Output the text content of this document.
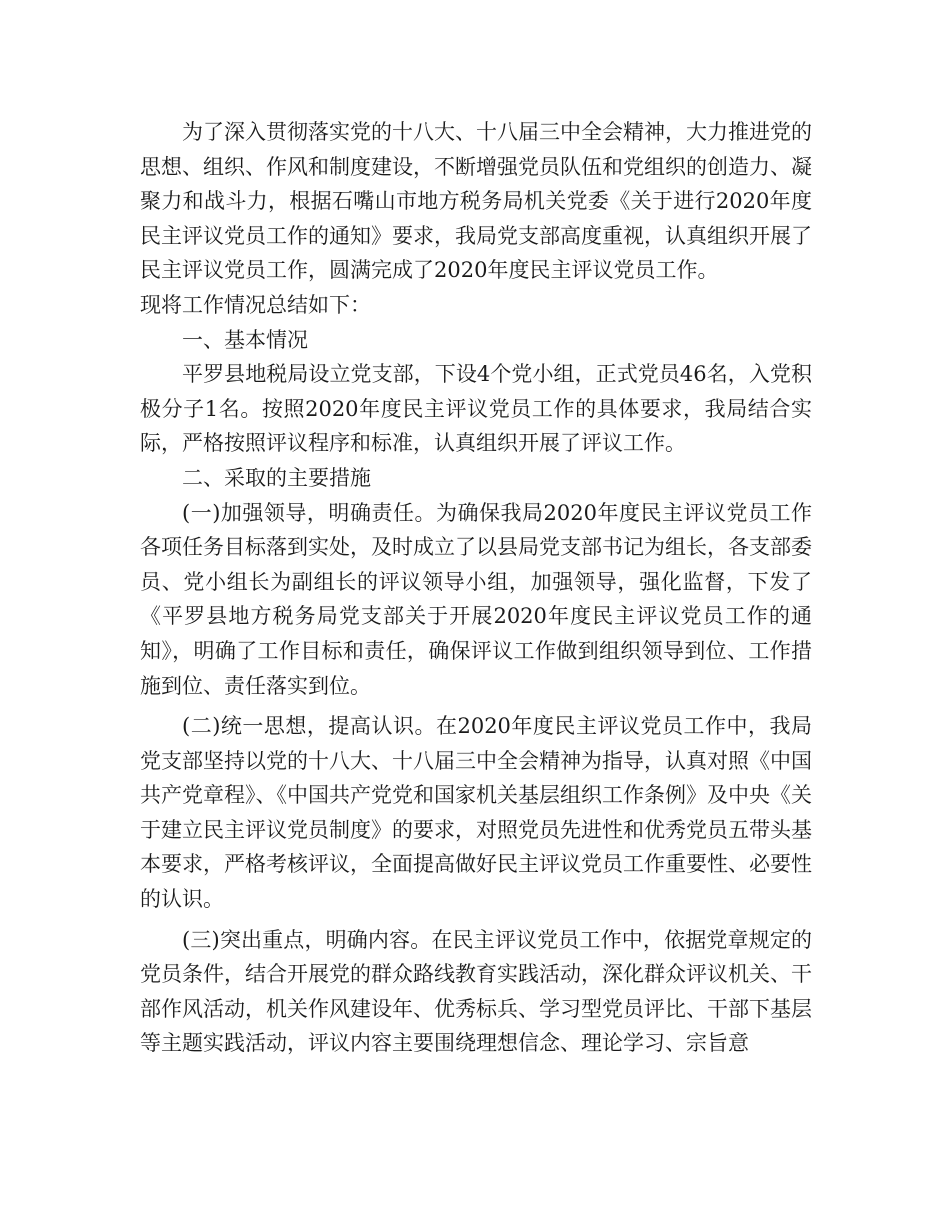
为了深入贯彻落实党的十八大、十八届三中全会精神，大力推进党的思想、组织、作风和制度建设，不断增强党员队伍和党组织的创造力、凝聚力和战斗力，根据石嘴山市地方税务局机关党委《关于进行2020年度民主评议党员工作的通知》要求，我局党支部高度重视，认真组织开展了民主评议党员工作，圆满完成了2020年度民主评议党员工作。

现将工作情况总结如下：

一、基本情况

平罗县地税局设立党支部，下设4个党小组，正式党员46名，入党积极分子1名。按照2020年度民主评议党员工作的具体要求，我局结合实际，严格按照评议程序和标准，认真组织开展了评议工作。

二、采取的主要措施

(一)加强领导，明确责任。为确保我局2020年度民主评议党员工作各项任务目标落到实处，及时成立了以县局党支部书记为组长，各支部委员、党小组长为副组长的评议领导小组，加强领导，强化监督，下发了《平罗县地方税务局党支部关于开展2020年度民主评议党员工作的通知》，明确了工作目标和责任，确保评议工作做到组织领导到位、工作措施到位、责任落实到位。

(二)统一思想，提高认识。在2020年度民主评议党员工作中，我局党支部坚持以党的十八大、十八届三中全会精神为指导，认真对照《中国共产党章程》、《中国共产党党和国家机关基层组织工作条例》及中央《关于建立民主评议党员制度》的要求，对照党员先进性和优秀党员五带头基本要求，严格考核评议，全面提高做好民主评议党员工作重要性、必要性的认识。

(三)突出重点，明确内容。在民主评议党员工作中，依据党章规定的党员条件，结合开展党的群众路线教育实践活动，深化群众评议机关、干部作风活动，机关作风建设年、优秀标兵、学习型党员评比、干部下基层等主题实践活动，评议内容主要围绕理想信念、理论学习、宗旨意
